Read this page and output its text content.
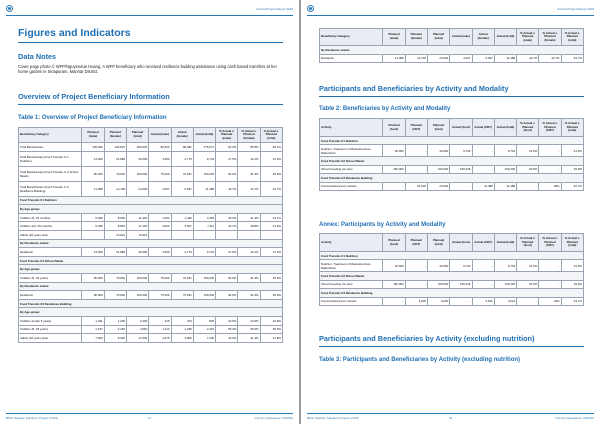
Annual Project Report 2019
Figures and Indicators
Data Notes

Cover page photo © WFP/Nguyendue Hoang, A WFP beneficiary who received resilience building assistance using cash based transfers at her home garden in Sinapuram, Mannar District.

Overview of Project Beneficiary Information
Table 1: Overview of Project Beneficiary Information
Beneficiary Category	Planned (male)	Planned (female)	Planned (total)	Actual (male)	Actual (female)	Actual (total)	% Actual v. Planned (male)	% Actual v. Planned (female)	% Actual v. Planned (total)
Total Beneficiaries	105,186	103,810	209,000	86,520	89,081	175,671	82.3%	85.8%	84.1%
Total Beneficiaries (Food Transfer C-1 Nutrition)	13,456	51,989	40,000	4,960	4,773	9,734	27.5%	19.1%	21.6%
Total Beneficiaries (Food Transfer C-2 School Meals)	80,000	79,000	160,000	75,626	72,621	150,246	94.6%	91.9%	93.9%
Total Beneficiaries (Food Transfer C-3 Resilience Building)	11,088	12,728	24,000	4,667	6,997	11,488	42.7%	43.7%	43.7%
Food Transfer-C1 Nutrition									
By Age-group:									
Children (6- 23 months)	5,390	8,500	11,300	1,364	1,496	4,318	25.3%	21.4%	23.1%
Children (24- 59 months)	5,395	8,846	17,100	3,604	3,507	7,111	44.7%	38.8%	41.6%
Adults (18 years plus)		10,910	10,910						
By Residence status:									
Residents	13,456	51,989	40,000	4,960	4,773	9,734	27.5%	19.1%	21.6%
Food Transfer-C2 School Meals									
By Age-group:									
Children (5- 18 years)	80,000	79,000	160,000	75,626	72,621	150,246	94.6%	91.9%	93.9%
By Residence status:									
Residents	80,000	79,000	160,000	75,626	72,621	150,246	94.6%	91.9%	93.9%
Food Transfer-C3 Resilience Building									
By Age-group:									
Children (under 5 years)	1,291	1,209	2,400	419	474	836	32.6%	34.9%	34.8%
Children (5- 18 years)	2,197	2,169	4,560	1,112	1,295	2,415	55.4%	59.2%	56.6%
Adults (18 years plus)	7,560	9,300	17,000	3,376	3,800	7,230	42.4%	41.4%	41.8%
Bihar Nutrition Solutions Project (2019)	14	Country Operations: 2019/20
Annual Project Report 2019
Beneficiary Category	Planned (male)	Planned (female)	Planned (total)	Actual (male)	Actual (female)	Actual (total)	% Actual v. Planned (male)	% Actual v. Planned (female)	% Actual v. Planned (total)
By Residence status:									
Residents	11,088	12,728	24,000	4,667	6,997	11,488	42.7%	43.7%	43.7%
Participants and Beneficiaries by Activity and Modality
Table 2: Beneficiaries by Activity and Modality
Activity	Planned (food)	Planned (CBT)	Planned (total)	Actual (food)	Actual (CBT)	Actual (total)	% Actual v. Planned (food)	% Actual v. Planned (CBT)	% Actual v. Planned (total)
Food Transfer-C1 Nutrition									
Nutrition: Treatment of Moderate Acute Malnutrition	40,000	-	40,000	9,734	-	9,734	21.6%	-	21.6%
Food Transfer-C2 School Meals									
School Feeding (on-site)	160,000	-	160,000	150,246	-	150,246	93.9%	-	93.9%
Food Transfer-C3 Resilience Building									
Food-Assistance-for-Assets	-	24,000	24,000	-	11,488	11,488	-	48%	42.7%
Annex: Participants by Activity and Modality
Activity	Planned (food)	Planned (CBT)	Planned (total)	Actual (food)	Actual (CBT)	Actual (total)	% Actual v. Planned (food)	% Actual v. Planned (CBT)	% Actual v. Planned (total)
Food Transfer-C1 Nutrition									
Nutrition: Treatment of Moderate Acute Malnutrition	40,000	-	40,000	9,734	-	9,734	21.6%	-	21.6%
Food Transfer-C2 School Meals									
School Feeding (on-site)	160,000	-	160,000	150,246	-	150,246	93.9%	-	93.9%
Food Transfer-C3 Resilience Building									
Food-Assistance-for-Assets	-	6,000	6,000	-	2,621	2,621	-	44%	43.7%
Participants and Beneficiaries by Activity (excluding nutrition)
Table 3: Participants and Beneficiaries by Activity (excluding nutrition)
Bihar Nutrition Solutions Project (2019)	15	Country Operations: 2019/20
